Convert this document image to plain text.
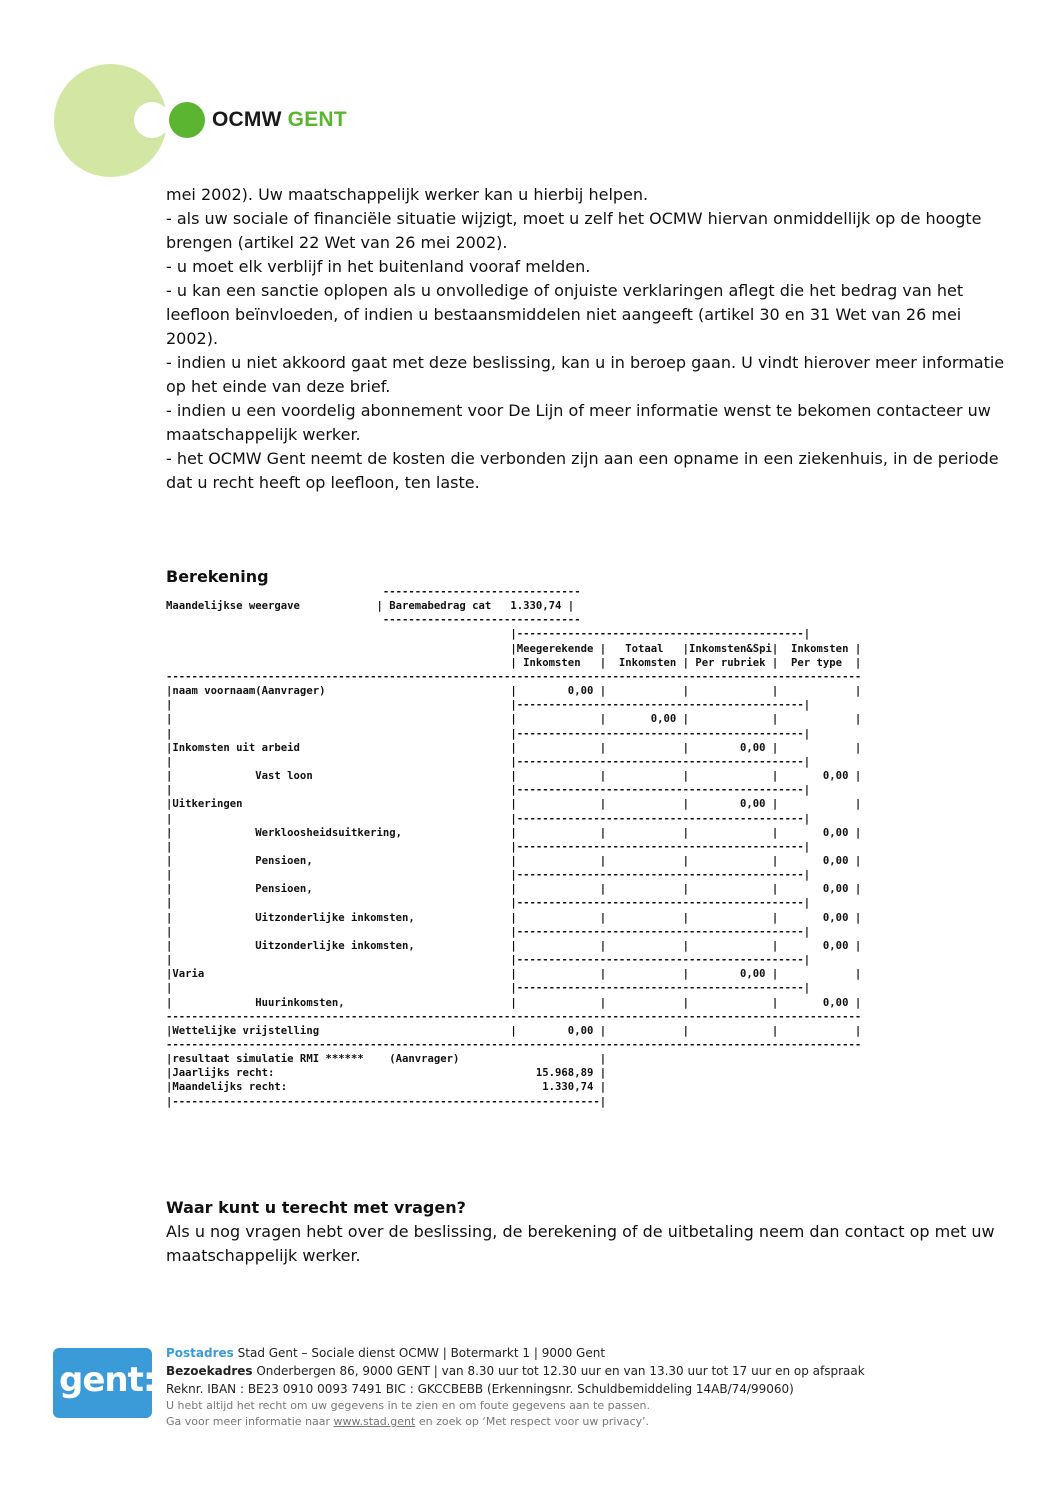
OCMW GENT

mei 2002). Uw maatschappelijk werker kan u hierbij helpen.

- als uw sociale of financiële situatie wijzigt, moet u zelf het OCMW hiervan onmiddellijk op de hoogte brengen (artikel 22 Wet van 26 mei 2002).

- u moet elk verblijf in het buitenland vooraf melden.

- u kan een sanctie oplopen als u onvolledige of onjuiste verklaringen aflegt die het bedrag van het leefloon beïnvloeden, of indien u bestaansmiddelen niet aangeeft (artikel 30 en 31 Wet van 26 mei 2002).

- indien u niet akkoord gaat met deze beslissing, kan u in beroep gaan. U vindt hierover meer informatie op het einde van deze brief.

- indien u een voordelig abonnement voor De Lijn of meer informatie wenst te bekomen contacteer uw maatschappelijk werker.

- het OCMW Gent neemt de kosten die verbonden zijn aan een opname in een ziekenhuis, in de periode dat u recht heeft op leefloon, ten laste.

Berekening
-------------------------------
Maandelijkse weergave            | Baremabedrag cat   1.330,74 |
-------------------------------
|---------------------------------------------|
|Meegerekende |   Totaal   |Inkomsten&Spi|  Inkomsten |
| Inkomsten   |  Inkomsten | Per rubriek |  Per type  |
-------------------------------------------------------------------------------------------------------------
|naam voornaam(Aanvrager)                             |        0,00 |            |             |            |
|                                                     |---------------------------------------------|
|                                                     |             |       0,00 |             |            |
|                                                     |---------------------------------------------|
|Inkomsten uit arbeid                                 |             |            |        0,00 |            |
|                                                     |---------------------------------------------|
|             Vast loon                               |             |            |             |       0,00 |
|                                                     |---------------------------------------------|
|Uitkeringen                                          |             |            |        0,00 |            |
|                                                     |---------------------------------------------|
|             Werkloosheidsuitkering,                 |             |            |             |       0,00 |
|                                                     |---------------------------------------------|
|             Pensioen,                               |             |            |             |       0,00 |
|                                                     |---------------------------------------------|
|             Pensioen,                               |             |            |             |       0,00 |
|                                                     |---------------------------------------------|
|             Uitzonderlijke inkomsten,               |             |            |             |       0,00 |
|                                                     |---------------------------------------------|
|             Uitzonderlijke inkomsten,               |             |            |             |       0,00 |
|                                                     |---------------------------------------------|
|Varia                                                |             |            |        0,00 |            |
|                                                     |---------------------------------------------|
|             Huurinkomsten,                          |             |            |             |       0,00 |
-------------------------------------------------------------------------------------------------------------
|Wettelijke vrijstelling                              |        0,00 |            |             |            |
-------------------------------------------------------------------------------------------------------------
|resultaat simulatie RMI ******    (Aanvrager)                      |
|Jaarlijks recht:                                         15.968,89 |
|Maandelijks recht:                                        1.330,74 |
|-------------------------------------------------------------------|
Waar kunt u terecht met vragen?

Als u nog vragen hebt over de beslissing, de berekening of de uitbetaling neem dan contact op met uw maatschappelijk werker.

gent:
Postadres Stad Gent – Sociale dienst OCMW | Botermarkt 1 | 9000 Gent
Bezoekadres Onderbergen 86, 9000 GENT | van 8.30 uur tot 12.30 uur en van 13.30 uur tot 17 uur en op afspraak
Reknr. IBAN : BE23 0910 0093 7491 BIC : GKCCBEBB (Erkenningsnr. Schuldbemiddeling 14AB/74/99060)
U hebt altijd het recht om uw gegevens in te zien en om foute gegevens aan te passen.
Ga voor meer informatie naar www.stad.gent en zoek op ‘Met respect voor uw privacy’.
